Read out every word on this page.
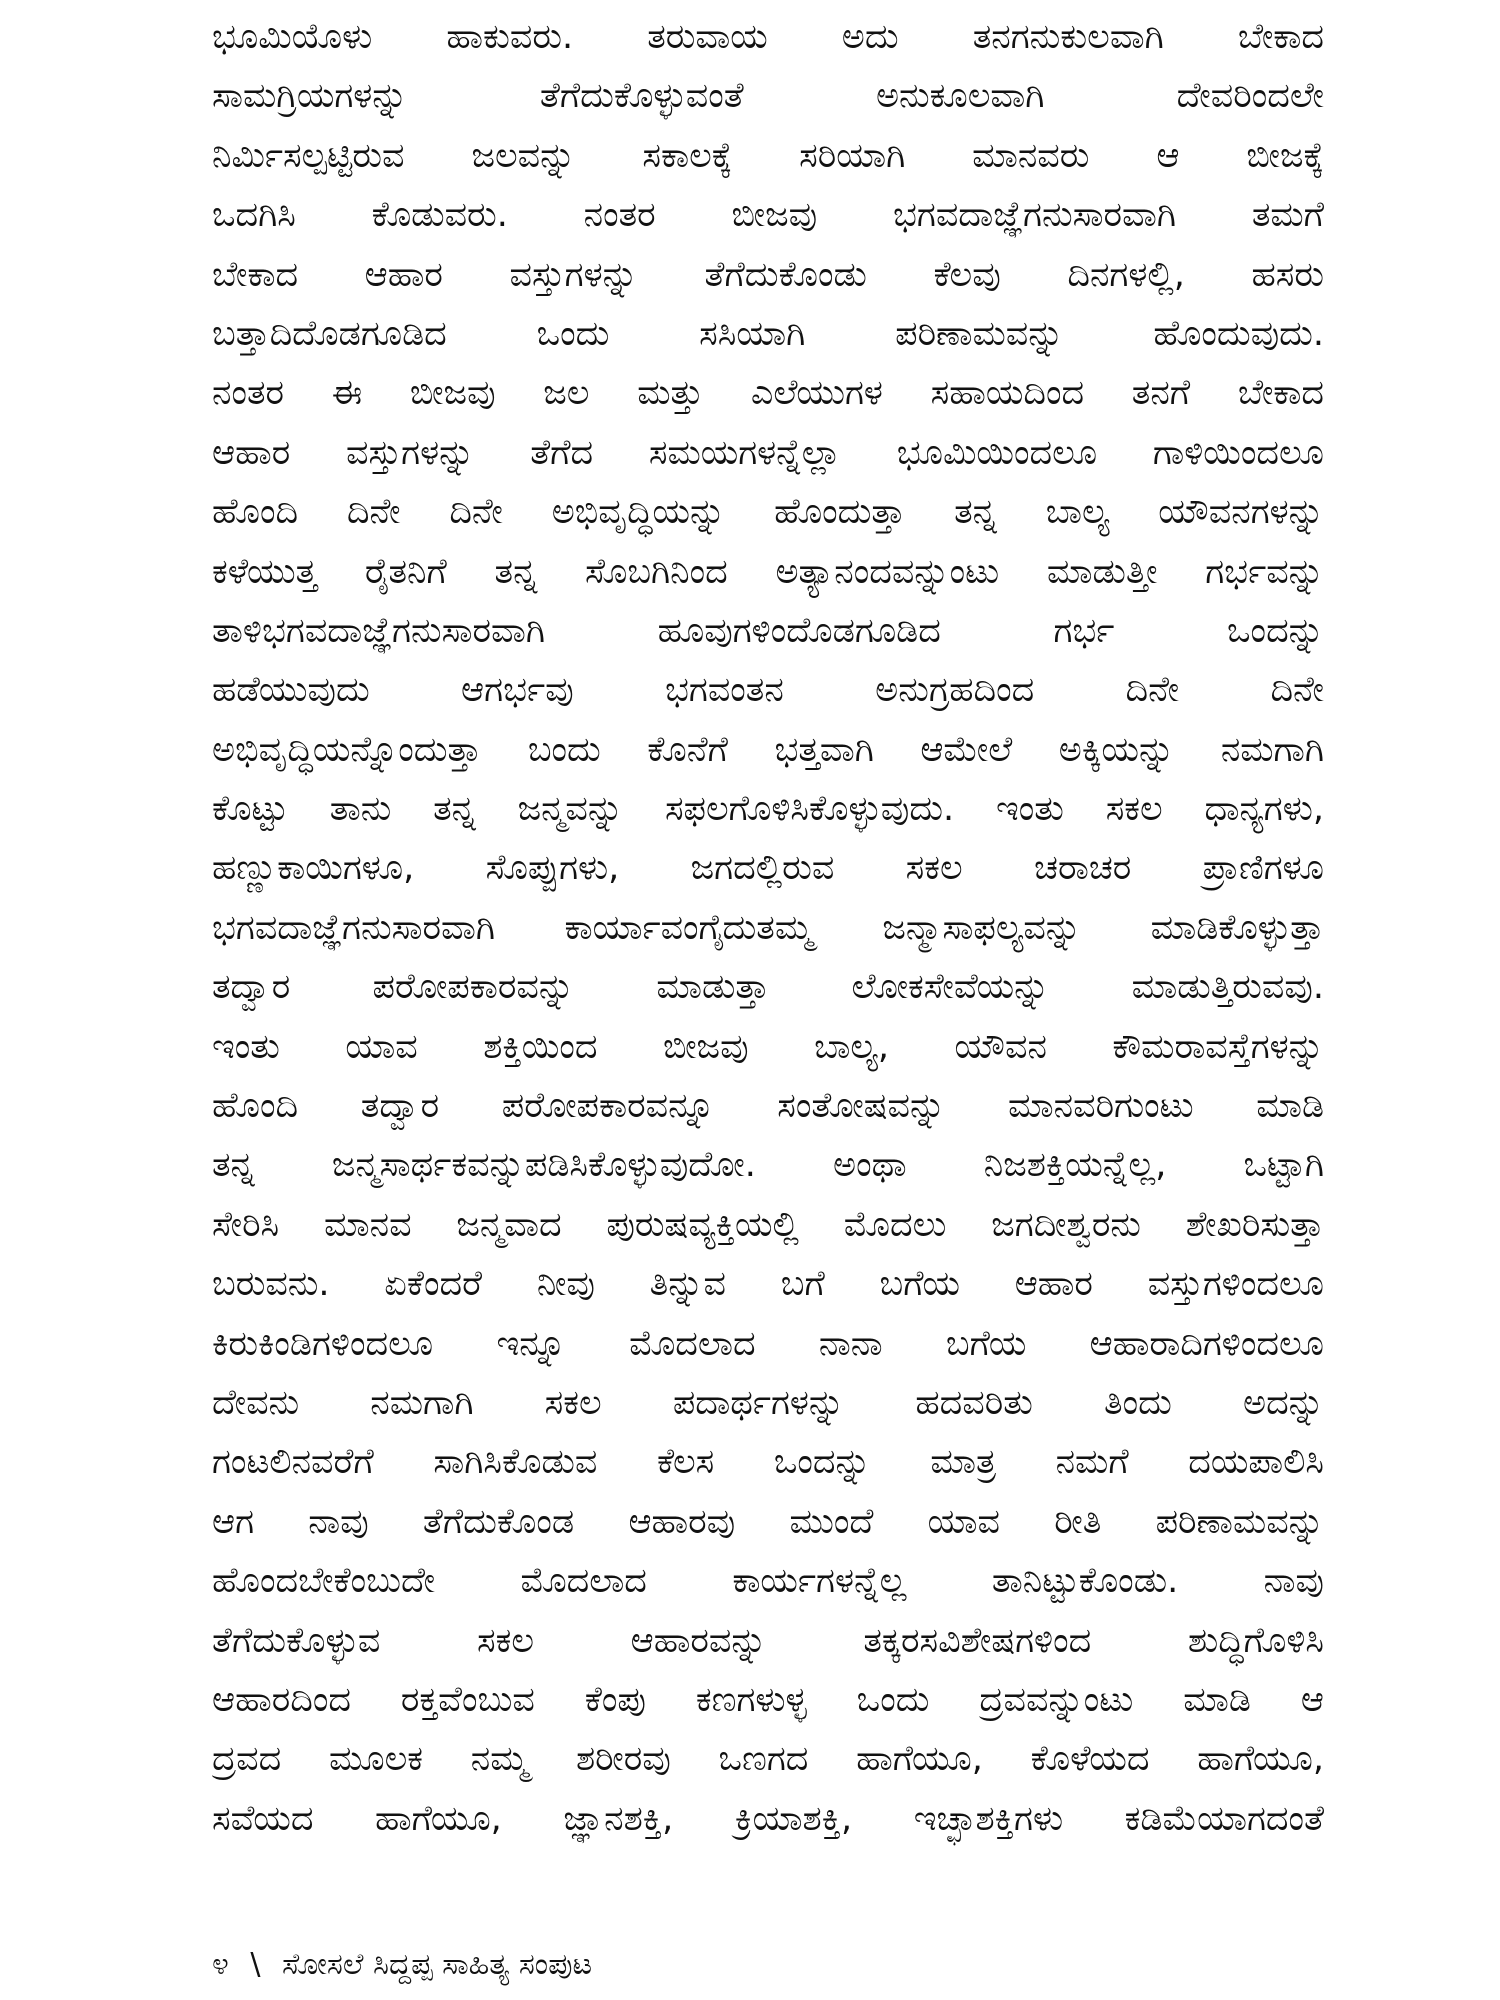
ಭೂಮಿಯೊಳು ಹಾಕುವರು. ತರುವಾಯ ಅದು ತನಗನುಕುಲವಾಗಿ ಬೇಕಾದ
ಸಾಮಗ್ರಿಯಗಳನ್ನು ತೆಗೆದುಕೊಳ್ಳುವಂತೆ ಅನುಕೂಲವಾಗಿ ದೇವರಿಂದಲೇ
ನಿರ್ಮಿಸಲ್ಪಟ್ಟಿರುವ ಜಲವನ್ನು ಸಕಾಲಕ್ಕೆ ಸರಿಯಾಗಿ ಮಾನವರು ಆ ಬೀಜಕ್ಕೆ
ಒದಗಿಸಿ ಕೊಡುವರು. ನಂತರ ಬೀಜವು ಭಗವದಾಜ್ಞೆಗನುಸಾರವಾಗಿ ತಮಗೆ
ಬೇಕಾದ ಆಹಾರ ವಸ್ತುಗಳನ್ನು ತೆಗೆದುಕೊಂಡು ಕೆಲವು ದಿನಗಳಲ್ಲಿ, ಹಸರು
ಬತ್ತಾದಿದೊಡಗೂಡಿದ ಒಂದು ಸಸಿಯಾಗಿ ಪರಿಣಾಮವನ್ನು ಹೊಂದುವುದು.
ನಂತರ ಈ ಬೀಜವು ಜಲ ಮತ್ತು ಎಲೆಯುಗಳ ಸಹಾಯದಿಂದ ತನಗೆ ಬೇಕಾದ
ಆಹಾರ ವಸ್ತುಗಳನ್ನು ತೆಗೆದ ಸಮಯಗಳನ್ನೆಲ್ಲಾ ಭೂಮಿಯಿಂದಲೂ ಗಾಳಿಯಿಂದಲೂ
ಹೊಂದಿ ದಿನೇ ದಿನೇ ಅಭಿವೃದ್ಧಿಯನ್ನು ಹೊಂದುತ್ತಾ ತನ್ನ ಬಾಲ್ಯ ಯೌವನಗಳನ್ನು
ಕಳೆಯುತ್ತ ರೈತನಿಗೆ ತನ್ನ ಸೊಬಗಿನಿಂದ ಅತ್ಯಾನಂದವನ್ನುಂಟು ಮಾಡುತ್ತೀ ಗರ್ಭವನ್ನು
ತಾಳಿಭಗವದಾಜ್ಞೆಗನುಸಾರವಾಗಿ ಹೂವುಗಳಿಂದೊಡಗೂಡಿದ ಗರ್ಭ ಒಂದನ್ನು
ಹಡೆಯುವುದು ಆಗರ್ಭವು ಭಗವಂತನ ಅನುಗ್ರಹದಿಂದ ದಿನೇ ದಿನೇ
ಅಭಿವೃದ್ಧಿಯನ್ನೊಂದುತ್ತಾ ಬಂದು ಕೊನೆಗೆ ಭತ್ತವಾಗಿ ಆಮೇಲೆ ಅಕ್ಕಿಯನ್ನು ನಮಗಾಗಿ
ಕೊಟ್ಟು ತಾನು ತನ್ನ ಜನ್ಮವನ್ನು ಸಫಲಗೊಳಿಸಿಕೊಳ್ಳುವುದು. ಇಂತು ಸಕಲ ಧಾನ್ಯಗಳು,
ಹಣ್ಣುಕಾಯಿಗಳೂ, ಸೊಪ್ಪುಗಳು, ಜಗದಲ್ಲಿರುವ ಸಕಲ ಚರಾಚರ ಪ್ರಾಣಿಗಳೂ
ಭಗವದಾಜ್ಞೆಗನುಸಾರವಾಗಿ ಕಾರ್ಯಾವಂಗೈದುತಮ್ಮ ಜನ್ಮಾಸಾಫಲ್ಯವನ್ನು ಮಾಡಿಕೊಳ್ಳುತ್ತಾ
ತದ್ವಾರ ಪರೋಪಕಾರವನ್ನು ಮಾಡುತ್ತಾ ಲೋಕಸೇವೆಯನ್ನು ಮಾಡುತ್ತಿರುವವು.
ಇಂತು ಯಾವ ಶಕ್ತಿಯಿಂದ ಬೀಜವು ಬಾಲ್ಯ, ಯೌವನ ಕೌಮರಾವಸ್ತೆಗಳನ್ನು
ಹೊಂದಿ ತದ್ವಾರ ಪರೋಪಕಾರವನ್ನೂ ಸಂತೋಷವನ್ನು ಮಾನವರಿಗುಂಟು ಮಾಡಿ
ತನ್ನ ಜನ್ಮಸಾರ್ಥಕವನ್ನುಪಡಿಸಿಕೊಳ್ಳುವುದೋ. ಅಂಥಾ ನಿಜಶಕ್ತಿಯನ್ನೆಲ್ಲ, ಒಟ್ಟಾಗಿ
ಸೇರಿಸಿ ಮಾನವ ಜನ್ಮವಾದ ಪುರುಷವ್ಯಕ್ತಿಯಲ್ಲಿ ಮೊದಲು ಜಗದೀಶ್ವರನು ಶೇಖರಿಸುತ್ತಾ
ಬರುವನು. ಏಕೆಂದರೆ ನೀವು ತಿನ್ನುವ ಬಗೆ ಬಗೆಯ ಆಹಾರ ವಸ್ತುಗಳಿಂದಲೂ
ಕಿರುಕಿಂಡಿಗಳಿಂದಲೂ ಇನ್ನೂ ಮೊದಲಾದ ನಾನಾ ಬಗೆಯ ಆಹಾರಾದಿಗಳಿಂದಲೂ
ದೇವನು ನಮಗಾಗಿ ಸಕಲ ಪದಾರ್ಥಗಳನ್ನು ಹದವರಿತು ತಿಂದು ಅದನ್ನು
ಗಂಟಲಿನವರೆಗೆ ಸಾಗಿಸಿಕೊಡುವ ಕೆಲಸ ಒಂದನ್ನು ಮಾತ್ರ ನಮಗೆ ದಯಪಾಲಿಸಿ
ಆಗ ನಾವು ತೆಗೆದುಕೊಂಡ ಆಹಾರವು ಮುಂದೆ ಯಾವ ರೀತಿ ಪರಿಣಾಮವನ್ನು
ಹೊಂದಬೇಕೆಂಬುದೇ ಮೊದಲಾದ ಕಾರ್ಯಗಳನ್ನೆಲ್ಲ ತಾನಿಟ್ಟುಕೊಂಡು. ನಾವು
ತೆಗೆದುಕೊಳ್ಳುವ ಸಕಲ ಆಹಾರವನ್ನು ತಕ್ಕರಸವಿಶೇಷಗಳಿಂದ ಶುದ್ಧಿಗೊಳಿಸಿ
ಆಹಾರದಿಂದ ರಕ್ತವೆಂಬುವ ಕೆಂಪು ಕಣಗಳುಳ್ಳ ಒಂದು ದ್ರವವನ್ನುಂಟು ಮಾಡಿ ಆ
ದ್ರವದ ಮೂಲಕ ನಮ್ಮ ಶರೀರವು ಒಣಗದ ಹಾಗೆಯೂ, ಕೊಳೆಯದ ಹಾಗೆಯೂ,
ಸವೆಯದ ಹಾಗೆಯೂ, ಜ್ಞಾನಶಕ್ತಿ, ಕ್ರಿಯಾಶಕ್ತಿ, ಇಚ್ಛಾಶಕ್ತಿಗಳು ಕಡಿಮೆಯಾಗದಂತೆ
೪ \ ಸೋಸಲೆ ಸಿದ್ದಪ್ಪ ಸಾಹಿತ್ಯ ಸಂಪುಟ
